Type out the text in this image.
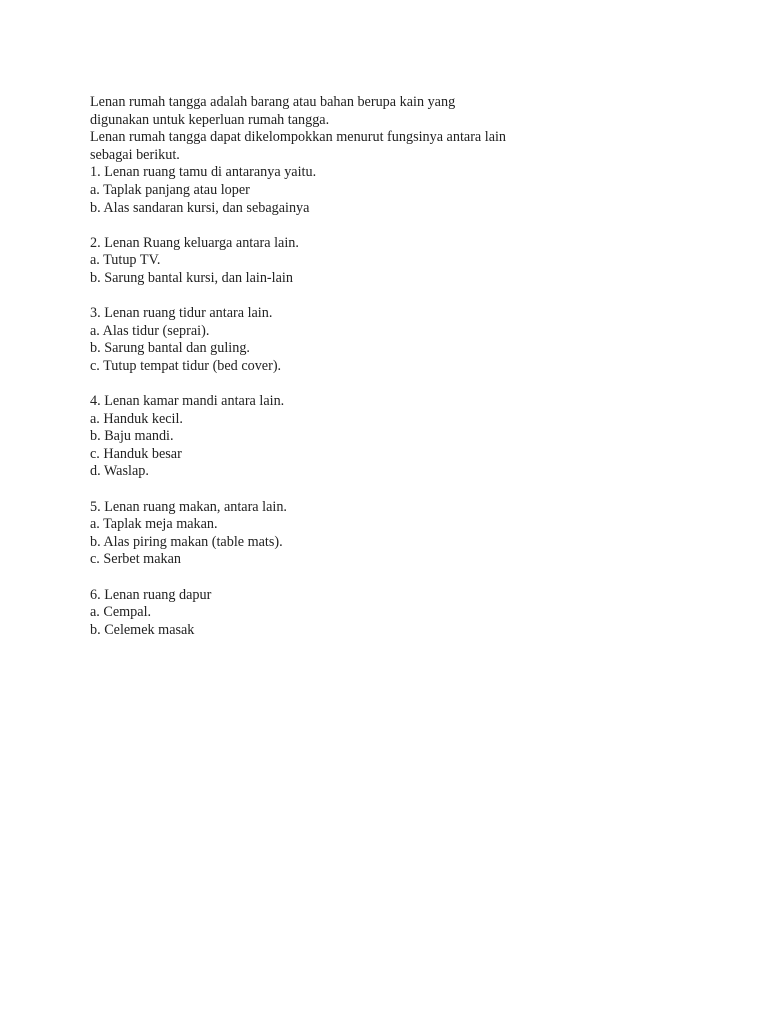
Lenan rumah tangga adalah barang atau bahan berupa kain yang

digunakan untuk keperluan rumah tangga.

Lenan rumah tangga dapat dikelompokkan menurut fungsinya antara lain

sebagai berikut.

1. Lenan ruang tamu di antaranya yaitu.

a. Taplak panjang atau loper

b. Alas sandaran kursi, dan sebagainya

2. Lenan Ruang keluarga antara lain.

a. Tutup TV.

b. Sarung bantal kursi, dan lain-lain

3. Lenan ruang tidur antara lain.

a. Alas tidur (seprai).

b. Sarung bantal dan guling.

c. Tutup tempat tidur (bed cover).

4. Lenan kamar mandi antara lain.

a. Handuk kecil.

b. Baju mandi.

c. Handuk besar

d. Waslap.

5. Lenan ruang makan, antara lain.

a. Taplak meja makan.

b. Alas piring makan (table mats).

c. Serbet makan

6. Lenan ruang dapur

a. Cempal.

b. Celemek masak
